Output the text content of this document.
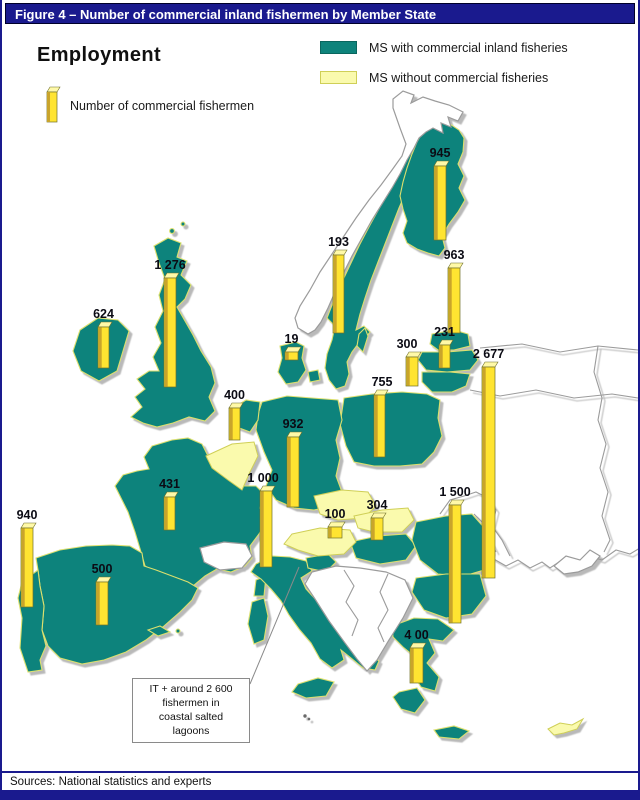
Figure 4 – Number of commercial inland fishermen by Member State
945
193
963
19	300
231
2 677
755
400
932
1 000
431
100
304
1 500
1 276
624
940
500
4 00
Employment	MS with commercial inland fisheries
MS without commercial fisheries
Number of commercial fishermen
IT + around 2 600
fishermen in
coastal salted
lagoons
Sources: National statistics and experts
